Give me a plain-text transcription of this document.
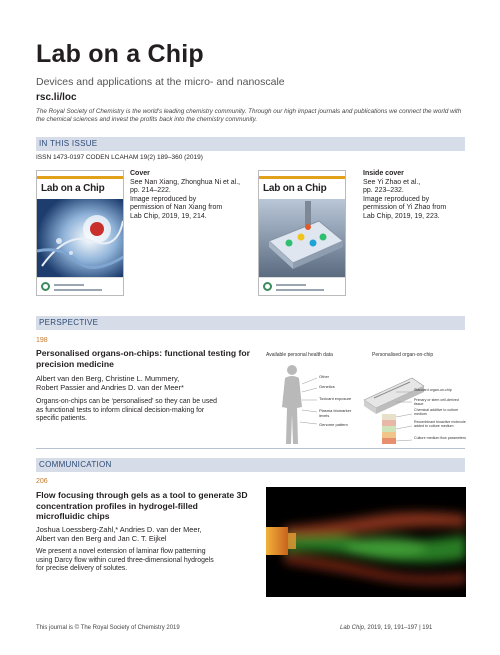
Lab on a Chip
Devices and applications at the micro- and nanoscale
rsc.li/loc
The Royal Society of Chemistry is the world's leading chemistry community. Through our high impact journals and publications we connect the world with the chemical sciences and invest the profits back into the chemistry community.
IN THIS ISSUE
ISSN 1473-0197 CODEN LCAHAM 19(2) 189–360 (2019)
Lab on a Chip
Cover
See Nan Xiang, Zhonghua Ni et al.,
pp. 214–222.
Image reproduced by
permission of Nan Xiang from
Lab Chip, 2019, 19, 214.
Lab on a Chip
Inside cover
See Yi Zhao et al.,
pp. 223–232.
Image reproduced by
permission of Yi Zhao from
Lab Chip, 2019, 19, 223.
PERSPECTIVE
198
Personalised organs-on-chips: functional testing for
precision medicine
Albert van den Berg, Christine L. Mummery,
Robert Passier and Andries D. van der Meer*
Organs-on-chips can be ‘personalised’ so they can be used
as functional tests to inform clinical decision-making for
specific patients.
Available personal health data	Personalised organ-on-chip
Other
Genetics
Toxicant exposure
Plasma biomarker levels
Genome pattern
Standard organ-on-chip
Primary or stem cell-derived tissue
Chemical additive to culture medium
Recombinant bioactive molecule added to culture medium
Culture medium flow parameters
COMMUNICATION
206
Flow focusing through gels as a tool to generate 3D
concentration profiles in hydrogel-filled
microfluidic chips
Joshua Loessberg-Zahl,* Andries D. van der Meer,
Albert van den Berg and Jan C. T. Eijkel
We present a novel extension of laminar flow patterning
using Darcy flow within cured three-dimensional hydrogels
for precise delivery of solutes.
This journal is © The Royal Society of Chemistry 2019	Lab Chip, 2019, 19, 191–197 | 191
